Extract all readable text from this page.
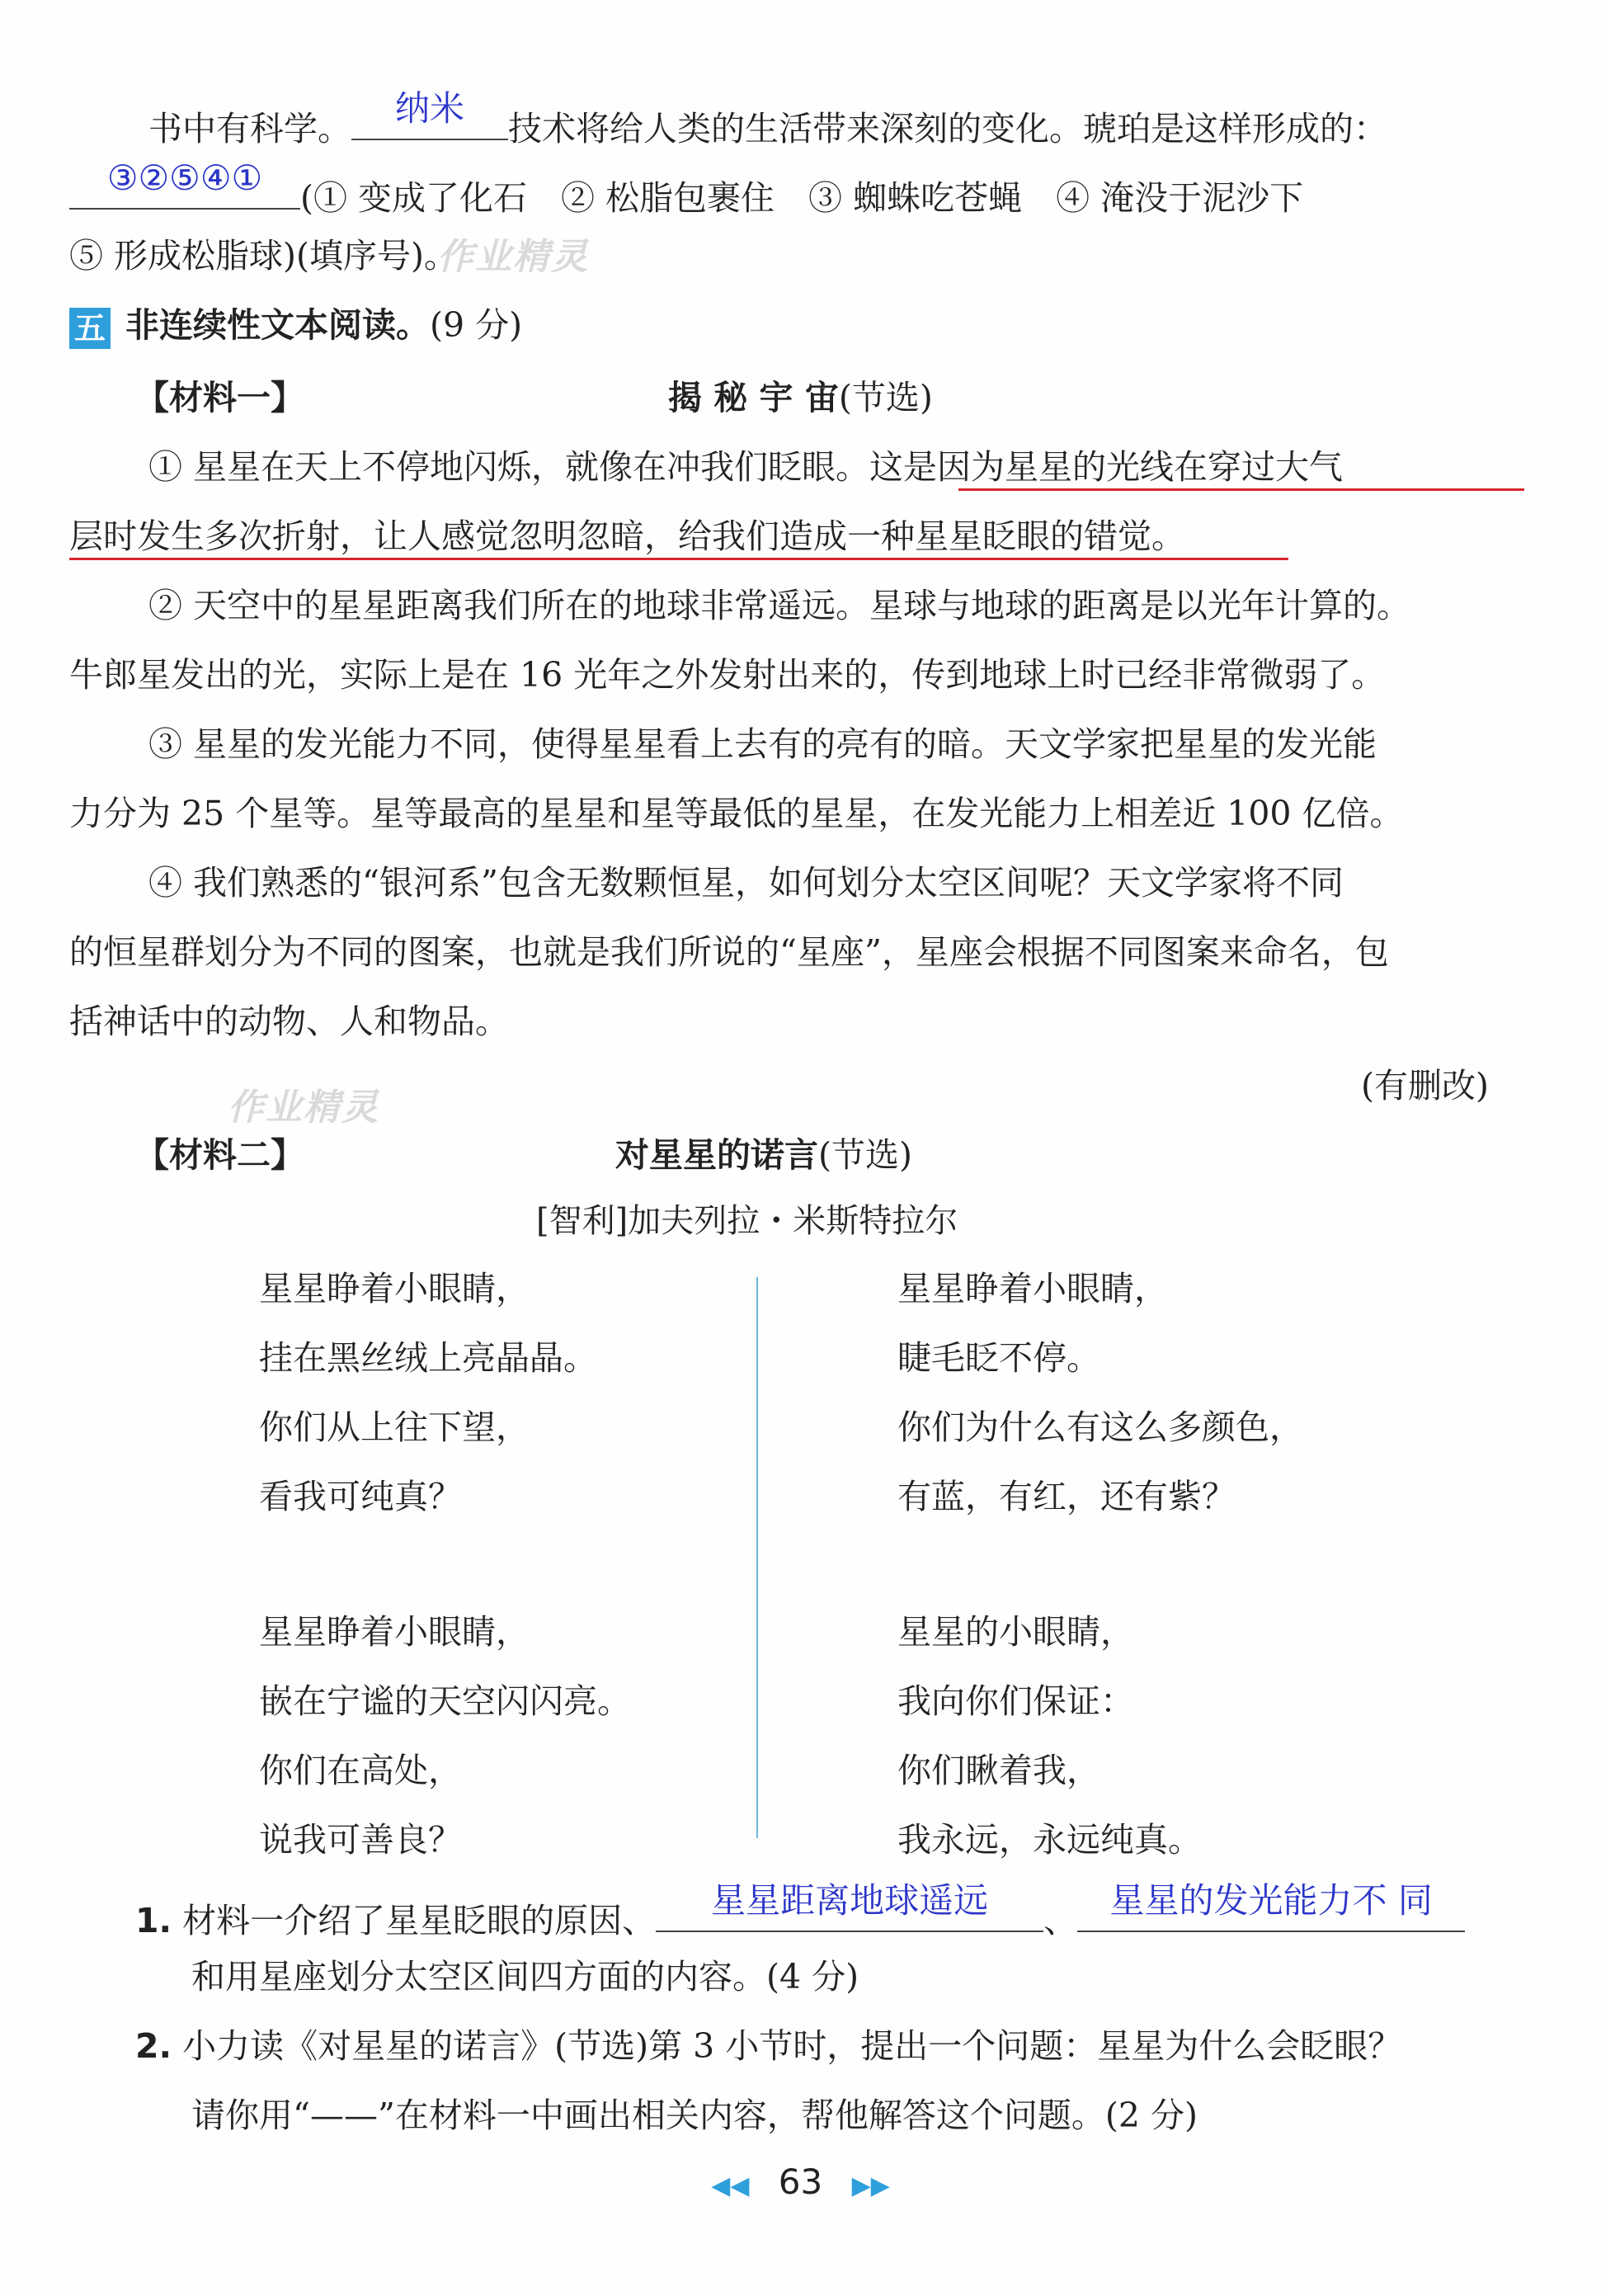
书中有科学。	纳米	技术将给人类的生活带来深刻的变化。琥珀是这样形成的：
③②⑤④①	(① 变成了化石　② 松脂包裹住　③ 蜘蛛吃苍蝇　④ 淹没于泥沙下
⑤ 形成松脂球)(填序号)。
作业精灵
五 非连续性文本阅读。(9 分)
【材料一】	揭 秘 宇 宙(节选)
① 星星在天上不停地闪烁，就像在冲我们眨眼。这是因为星星的光线在穿过大气
层时发生多次折射，让人感觉忽明忽暗，给我们造成一种星星眨眼的错觉。
② 天空中的星星距离我们所在的地球非常遥远。星球与地球的距离是以光年计算的。
牛郎星发出的光，实际上是在 16 光年之外发射出来的，传到地球上时已经非常微弱了。
③ 星星的发光能力不同，使得星星看上去有的亮有的暗。天文学家把星星的发光能
力分为 25 个星等。星等最高的星星和星等最低的星星，在发光能力上相差近 100 亿倍。
④ 我们熟悉的“银河系”包含无数颗恒星，如何划分太空区间呢？天文学家将不同
的恒星群划分为不同的图案，也就是我们所说的“星座”，星座会根据不同图案来命名，包
括神话中的动物、人和物品。
(有删改)
作业精灵
【材料二】	对星星的诺言(节选)
[智利]加夫列拉・米斯特拉尔
星星睁着小眼睛，
挂在黑丝绒上亮晶晶。
你们从上往下望，
看我可纯真？
星星睁着小眼睛，
嵌在宁谧的天空闪闪亮。
你们在高处，
说我可善良？
星星睁着小眼睛，
睫毛眨不停。
你们为什么有这么多颜色，
有蓝，有红，还有紫？
星星的小眼睛，
我向你们保证：
你们瞅着我，
我永远，永远纯真。
1. 材料一介绍了星星眨眼的原因、	星星距离地球遥远	、 星星的发光能力不 同
和用星座划分太空区间四方面的内容。(4 分)
2. 小力读《对星星的诺言》(节选)第 3 小节时，提出一个问题：星星为什么会眨眼？
请你用“——”在材料一中画出相关内容，帮他解答这个问题。(2 分)
◀◀ 63 ▶▶
